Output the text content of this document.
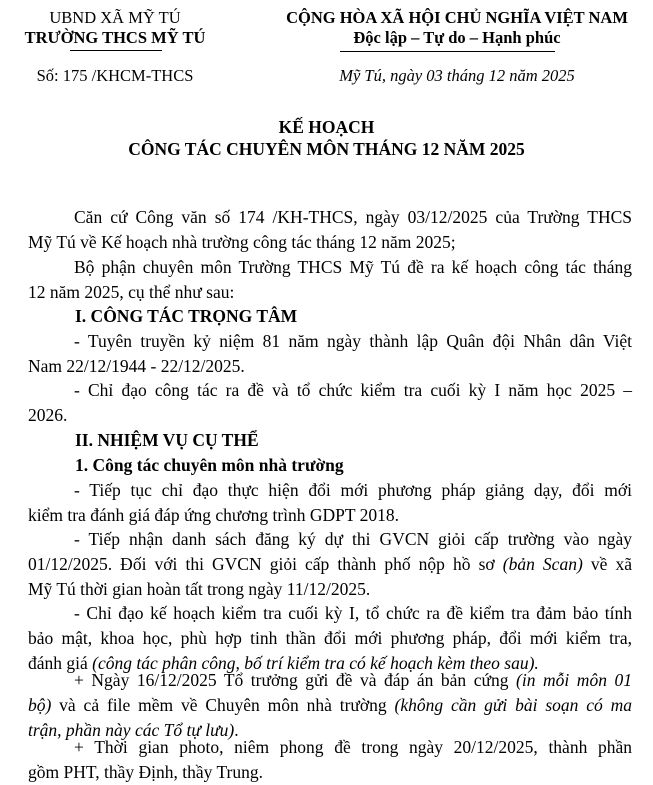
UBND XÃ MỸ TÚ
TRƯỜNG THCS MỸ TÚ
Số: 175 /KHCM-THCS
CỘNG HÒA XÃ HỘI CHỦ NGHĨA VIỆT NAM
Độc lập – Tự do – Hạnh phúc
Mỹ Tú, ngày 03 tháng 12 năm 2025
KẾ HOẠCH
CÔNG TÁC CHUYÊN MÔN THÁNG 12 NĂM 2025
Căn cứ Công văn số 174 /KH-THCS, ngày 03/12/2025 của Trường THCS
Mỹ Tú về Kế hoạch nhà trường công tác tháng 12 năm 2025;
Bộ phận chuyên môn Trường THCS Mỹ Tú đề ra kế hoạch công tác tháng
12 năm 2025, cụ thể như sau:
I. CÔNG TÁC TRỌNG TÂM
- Tuyên truyền kỷ niệm 81 năm ngày thành lập Quân đội Nhân dân Việt
Nam 22/12/1944 - 22/12/2025.
- Chỉ đạo công tác ra đề và tổ chức kiểm tra cuối kỳ I năm học 2025 –
2026.
II. NHIỆM VỤ CỤ THỂ
1. Công tác chuyên môn nhà trường
- Tiếp tục chỉ đạo thực hiện đổi mới phương pháp giảng dạy, đổi mới
kiểm tra đánh giá đáp ứng chương trình GDPT 2018.
- Tiếp nhận danh sách đăng ký dự thi GVCN giỏi cấp trường vào ngày
01/12/2025. Đối với thi GVCN giỏi cấp thành phố nộp hồ sơ (bản Scan) về xã
Mỹ Tú thời gian hoàn tất trong ngày 11/12/2025.
- Chỉ đạo kế hoạch kiểm tra cuối kỳ I, tổ chức ra đề kiểm tra đảm bảo tính
bảo mật, khoa học, phù hợp tinh thần đổi mới phương pháp, đổi mới kiểm tra,
đánh giá (công tác phân công, bố trí kiểm tra có kế hoạch kèm theo sau).
+ Ngày 16/12/2025 Tổ trưởng gửi đề và đáp án bản cứng (in mỗi môn 01
bộ) và cả file mềm về Chuyên môn nhà trường (không cần gửi bài soạn có ma
trận, phần này các Tổ tự lưu).
+ Thời gian photo, niêm phong đề trong ngày 20/12/2025, thành phần
gồm PHT, thầy Định, thầy Trung.
